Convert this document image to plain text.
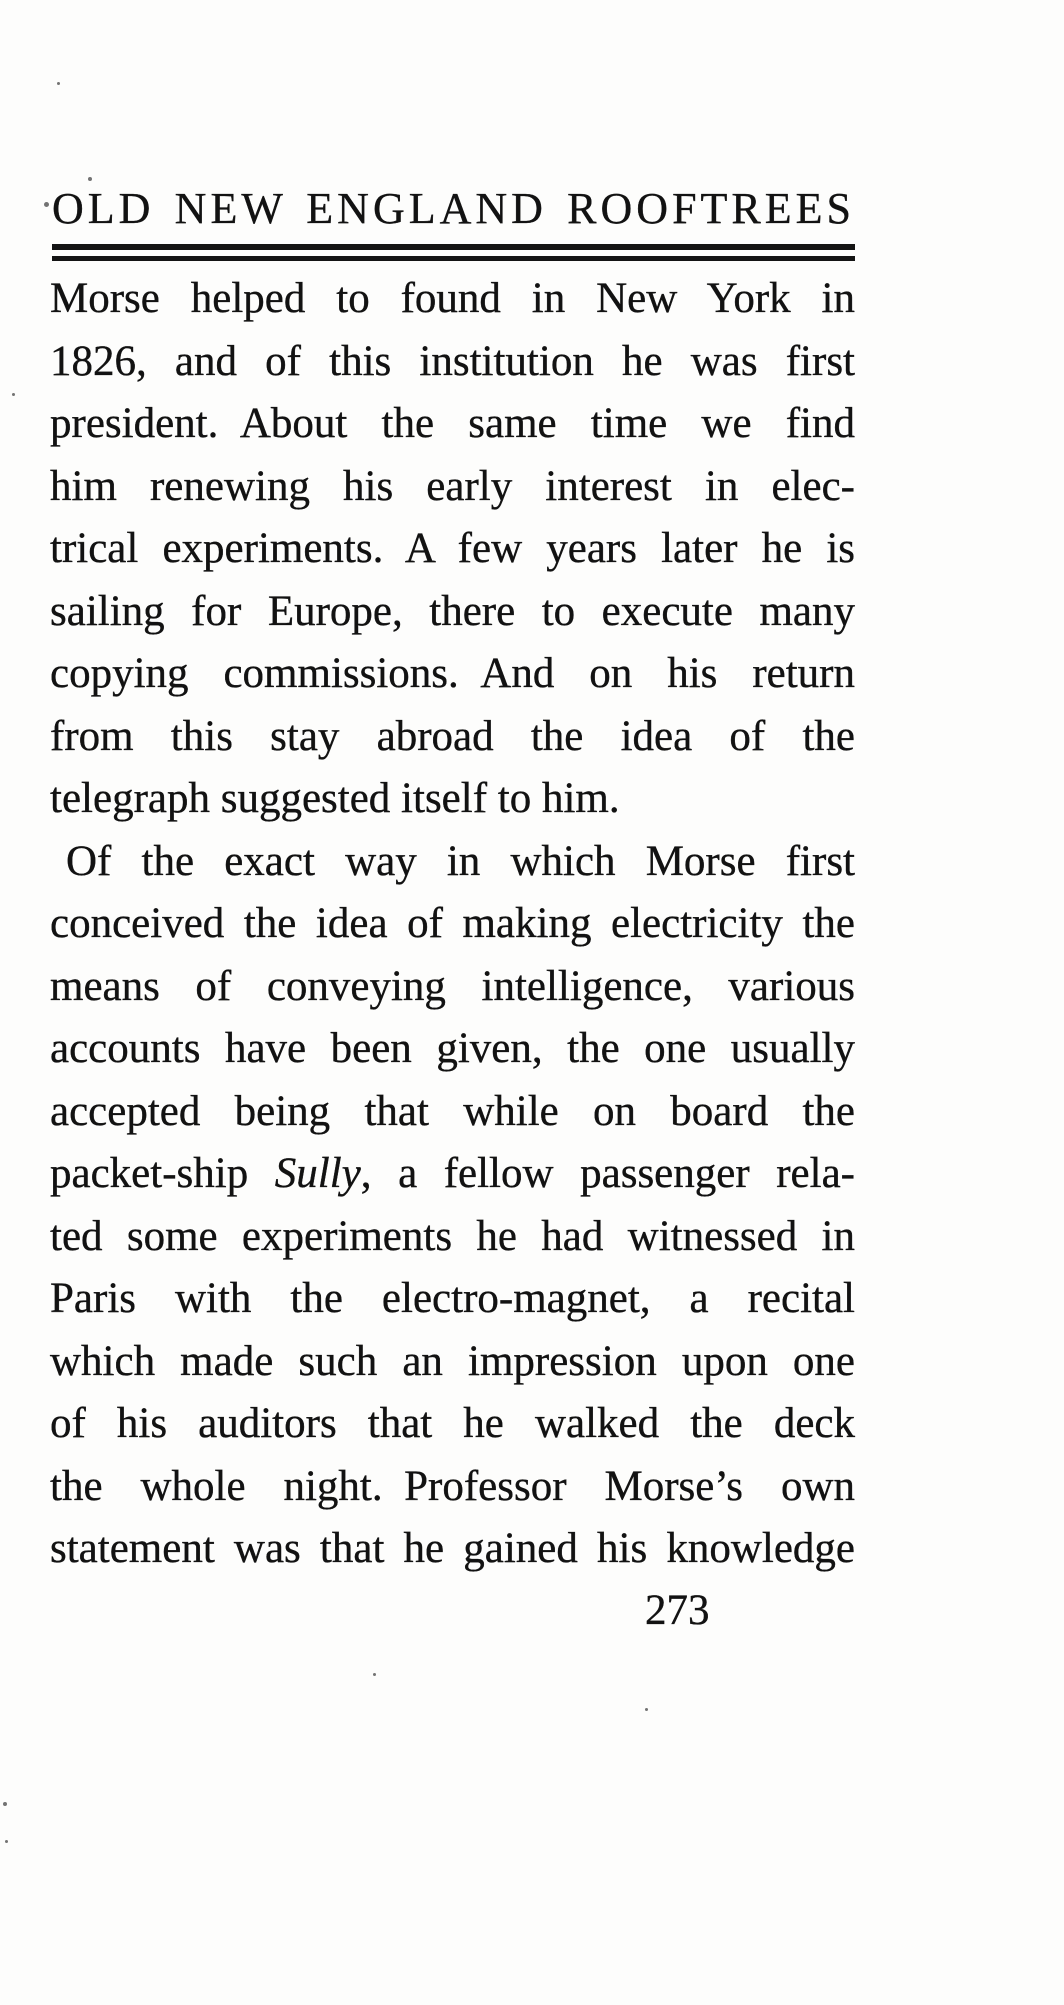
OLD NEW ENGLAND ROOFTREES
Morse helped to found in New York in
1826, and of this institution he was first
president. About the same time we find
him renewing his early interest in elec-
trical experiments. A few years later he is
sailing for Europe, there to execute many
copying commissions. And on his return
from this stay abroad the idea of the
telegraph suggested itself to him.
Of the exact way in which Morse first
conceived the idea of making electricity the
means of conveying intelligence, various
accounts have been given, the one usually
accepted being that while on board the
packet-ship Sully, a fellow passenger rela-
ted some experiments he had witnessed in
Paris with the electro-magnet, a recital
which made such an impression upon one
of his auditors that he walked the deck
the whole night. Professor Morse’s own
statement was that he gained his knowledge
273
